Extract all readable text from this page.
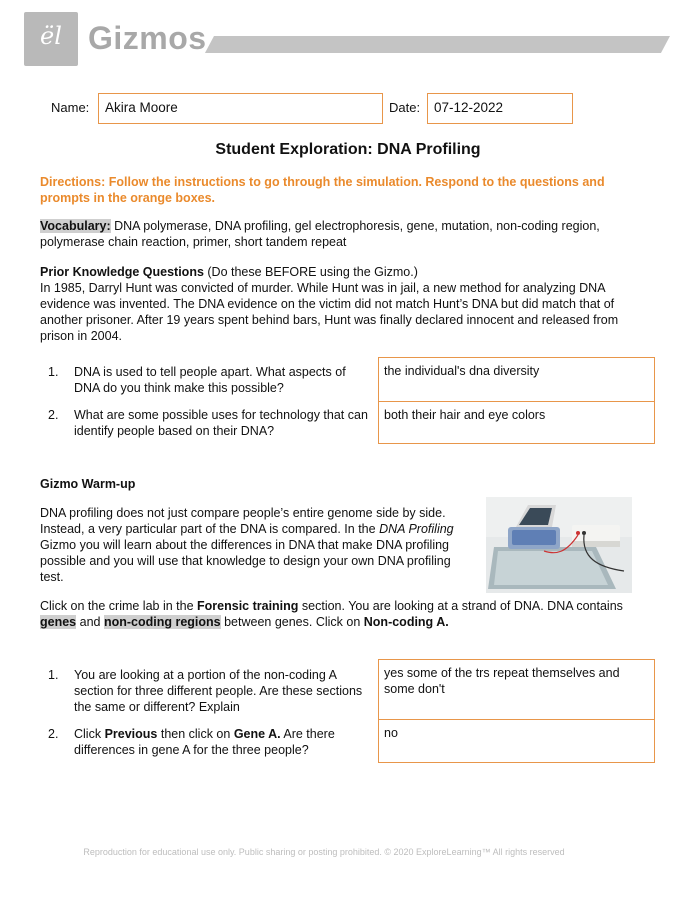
ël Gizmos
Name:	Akira Moore	Date:	07-12-2022
Student Exploration: DNA Profiling
Directions: Follow the instructions to go through the simulation. Respond to the questions and prompts in the orange boxes.
Vocabulary: DNA polymerase, DNA profiling, gel electrophoresis, gene, mutation, non-coding region, polymerase chain reaction, primer, short tandem repeat
Prior Knowledge Questions (Do these BEFORE using the Gizmo.)
In 1985, Darryl Hunt was convicted of murder. While Hunt was in jail, a new method for analyzing DNA evidence was invented. The DNA evidence on the victim did not match Hunt’s DNA but did match that of another prisoner. After 19 years spent behind bars, Hunt was finally declared innocent and released from prison in 2004.
1. DNA is used to tell people apart. What aspects of DNA do you think make this possible?
the individual's dna diversity
2. What are some possible uses for technology that can identify people based on their DNA?
both their hair and eye colors
Gizmo Warm-up
DNA profiling does not just compare people’s entire genome side by side. Instead, a very particular part of the DNA is compared. In the DNA Profiling Gizmo you will learn about the differences in DNA that make DNA profiling possible and you will use that knowledge to design your own DNA profiling test.
Click on the crime lab in the Forensic training section. You are looking at a strand of DNA. DNA contains genes and non-coding regions between genes. Click on Non-coding A.
1. You are looking at a portion of the non-coding A section for three different people. Are these sections the same or different? Explain
yes some of the trs repeat themselves and some don't
2. Click Previous then click on Gene A. Are there differences in gene A for the three people?
no
Reproduction for educational use only. Public sharing or posting prohibited. © 2020 ExploreLearning™ All rights reserved
